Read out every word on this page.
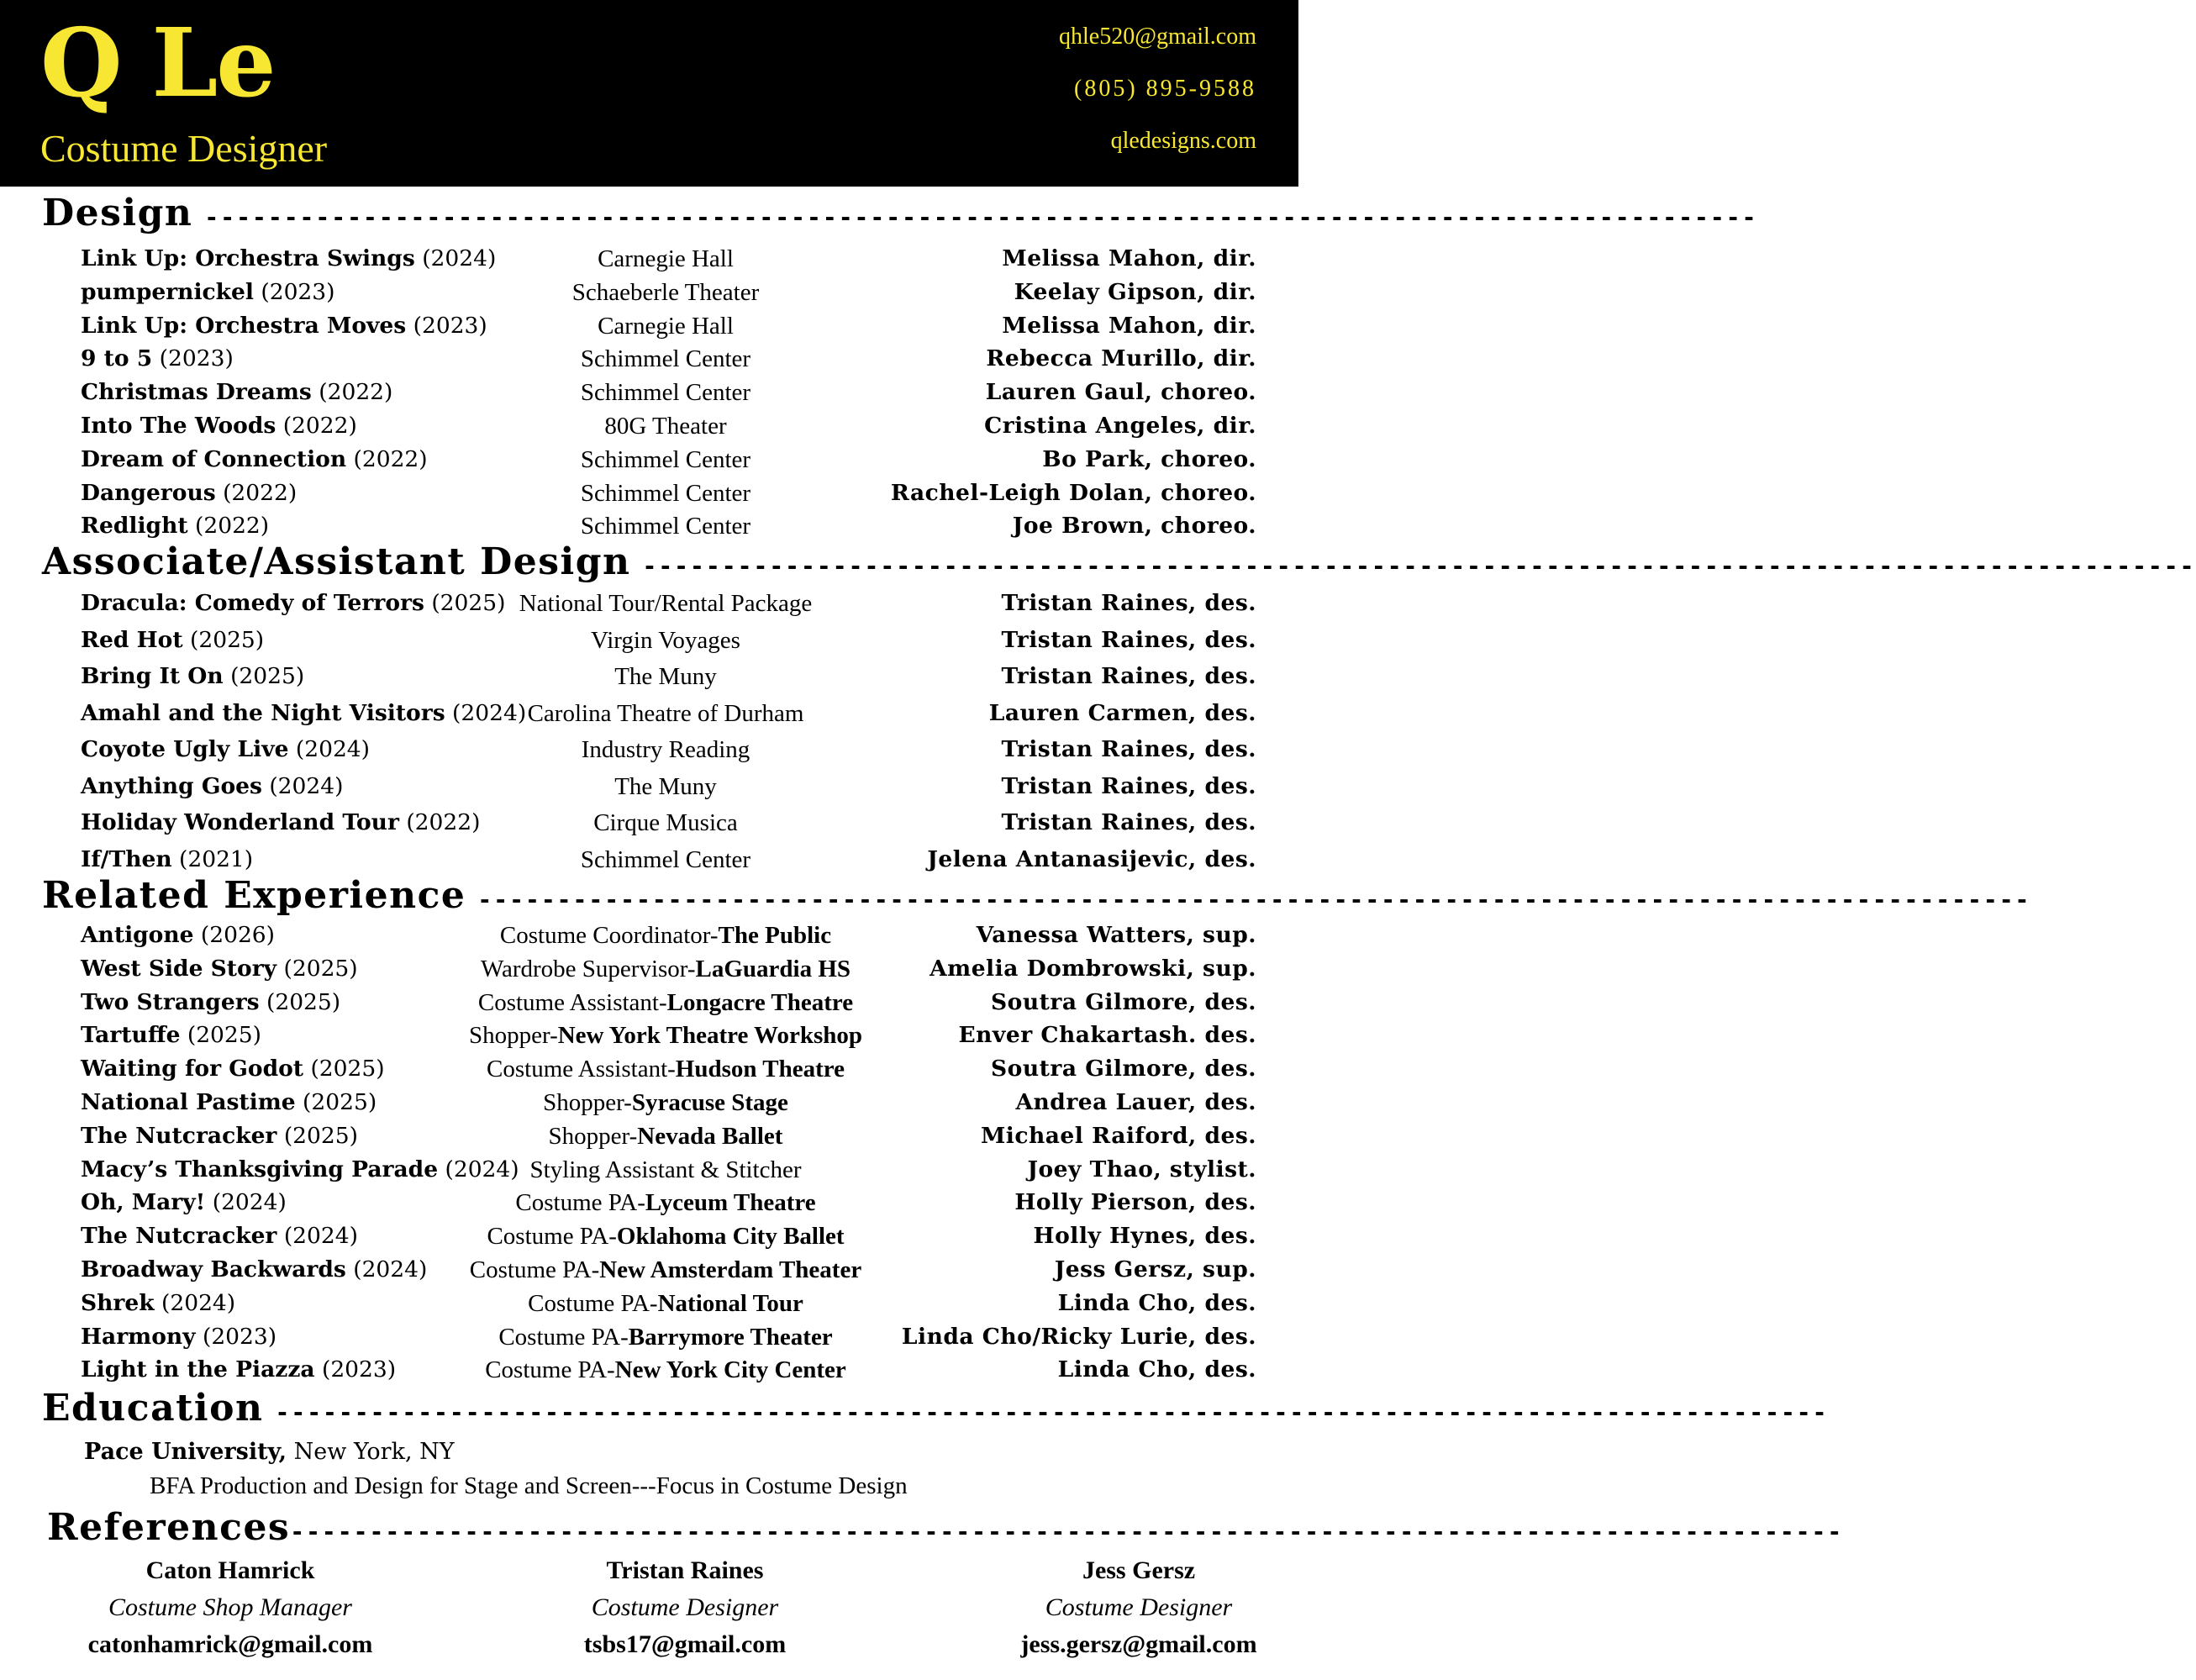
Q Le
Costume Designer
qhle520@gmail.com
(805) 895-9588
qledesigns.com
Design --------------------------------------------------------------------------------------------------
Link Up: Orchestra Swings (2024)	Carnegie Hall	Melissa Mahon, dir.
pumpernickel (2023)	Schaeberle Theater	Keelay Gipson, dir.
Link Up: Orchestra Moves (2023)	Carnegie Hall	Melissa Mahon, dir.
9 to 5 (2023)	Schimmel Center	Rebecca Murillo, dir.
Christmas Dreams (2022)	Schimmel Center	Lauren Gaul, choreo.
Into The Woods (2022)	80G Theater	Cristina Angeles, dir.
Dream of Connection (2022)	Schimmel Center	Bo Park, choreo.
Dangerous (2022)	Schimmel Center	Rachel-Leigh Dolan, choreo.
Redlight (2022)	Schimmel Center	Joe Brown, choreo.
Associate/Assistant Design --------------------------------------------------------------------------------------------------
Dracula: Comedy of Terrors (2025) National Tour/Rental Package	Tristan Raines, des.
Red Hot (2025)	Virgin Voyages	Tristan Raines, des.
Bring It On (2025)	The Muny	Tristan Raines, des.
Amahl and the Night Visitors (2024) Carolina Theatre of Durham	Lauren Carmen, des.
Coyote Ugly Live (2024)	Industry Reading	Tristan Raines, des.
Anything Goes (2024)	The Muny	Tristan Raines, des.
Holiday Wonderland Tour (2022)	Cirque Musica	Tristan Raines, des.
If/Then (2021)	Schimmel Center	Jelena Antanasijevic, des.
Related Experience --------------------------------------------------------------------------------------------------
Antigone (2026)	Costume Coordinator-The Public	Vanessa Watters, sup.
West Side Story (2025)	Wardrobe Supervisor-LaGuardia HS	Amelia Dombrowski, sup.
Two Strangers (2025)	Costume Assistant-Longacre Theatre	Soutra Gilmore, des.
Tartuffe (2025)	Shopper-New York Theatre Workshop	Enver Chakartash. des.
Waiting for Godot (2025)	Costume Assistant-Hudson Theatre	Soutra Gilmore, des.
National Pastime (2025)	Shopper-Syracuse Stage	Andrea Lauer, des.
The Nutcracker (2025)	Shopper-Nevada Ballet	Michael Raiford, des.
Macy’s Thanksgiving Parade (2024) Styling Assistant & Stitcher	Joey Thao, stylist.
Oh, Mary! (2024)	Costume PA-Lyceum Theatre	Holly Pierson, des.
The Nutcracker (2024)	Costume PA-Oklahoma City Ballet	Holly Hynes, des.
Broadway Backwards (2024) Costume PA-New Amsterdam Theater	Jess Gersz, sup.
Shrek (2024)	Costume PA-National Tour	Linda Cho, des.
Harmony (2023)	Costume PA-Barrymore Theater	Linda Cho/Ricky Lurie, des.
Light in the Piazza (2023)	Costume PA-New York City Center	Linda Cho, des.
Education --------------------------------------------------------------------------------------------------
Pace University, New York, NY
BFA Production and Design for Stage and Screen---Focus in Costume Design
References --------------------------------------------------------------------------------------------------
Caton Hamrick
Costume Shop Manager
catonhamrick@gmail.com
Tristan Raines
Costume Designer
tsbs17@gmail.com
Jess Gersz
Costume Designer
jess.gersz@gmail.com
